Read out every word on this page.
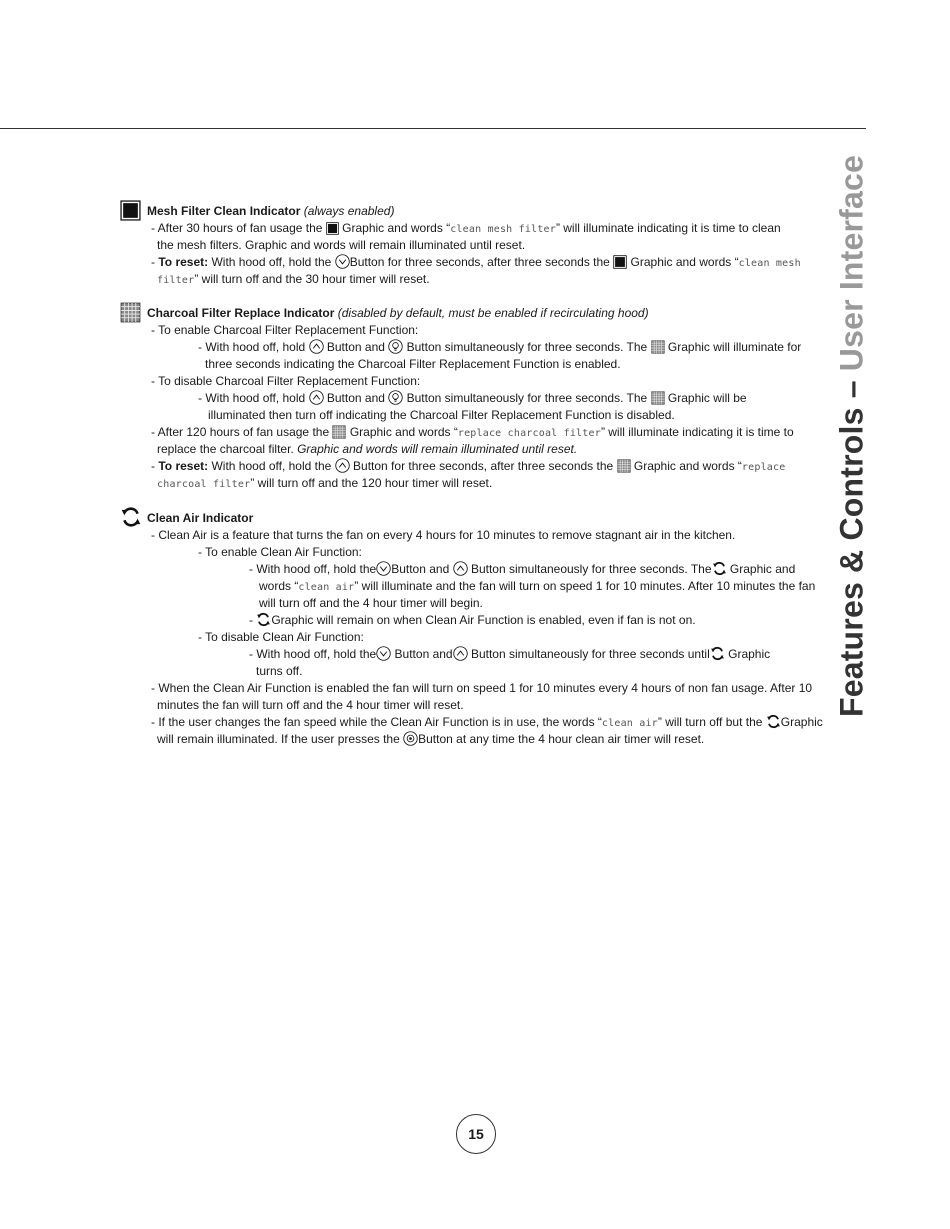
Features & Controls – User Interface
Mesh Filter Clean Indicator (always enabled)
- After 30 hours of fan usage the Graphic and words “clean mesh filter” will illuminate indicating it is time to clean
the mesh filters. Graphic and words will remain illuminated until reset.
- To reset: With hood off, hold the Button for three seconds, after three seconds the Graphic and words “clean mesh
filter” will turn off and the 30 hour timer will reset.
Charcoal Filter Replace Indicator (disabled by default, must be enabled if recirculating hood)
- To enable Charcoal Filter Replacement Function:
- With hood off, hold Button and Button simultaneously for three seconds. The Graphic will illuminate for
three seconds indicating the Charcoal Filter Replacement Function is enabled.
- To disable Charcoal Filter Replacement Function:
- With hood off, hold Button and Button simultaneously for three seconds. The Graphic will be
illuminated then turn off indicating the Charcoal Filter Replacement Function is disabled.
- After 120 hours of fan usage the Graphic and words “replace charcoal filter” will illuminate indicating it is time to
replace the charcoal filter. Graphic and words will remain illuminated until reset.
- To reset: With hood off, hold the Button for three seconds, after three seconds the Graphic and words “replace
charcoal filter” will turn off and the 120 hour timer will reset.
Clean Air Indicator
- Clean Air is a feature that turns the fan on every 4 hours for 10 minutes to remove stagnant air in the kitchen.
- To enable Clean Air Function:
- With hood off, hold the Button and Button simultaneously for three seconds. The Graphic and
words “clean air” will illuminate and the fan will turn on speed 1 for 10 minutes. After 10 minutes the fan
will turn off and the 4 hour timer will begin.
- Graphic will remain on when Clean Air Function is enabled, even if fan is not on.
- To disable Clean Air Function:
- With hood off, hold the Button and Button simultaneously for three seconds until Graphic
turns off.
- When the Clean Air Function is enabled the fan will turn on speed 1 for 10 minutes every 4 hours of non fan usage. After 10
minutes the fan will turn off and the 4 hour timer will reset.
- If the user changes the fan speed while the Clean Air Function is in use, the words “clean air” will turn off but the Graphic
will remain illuminated. If the user presses the Button at any time the 4 hour clean air timer will reset.
15
